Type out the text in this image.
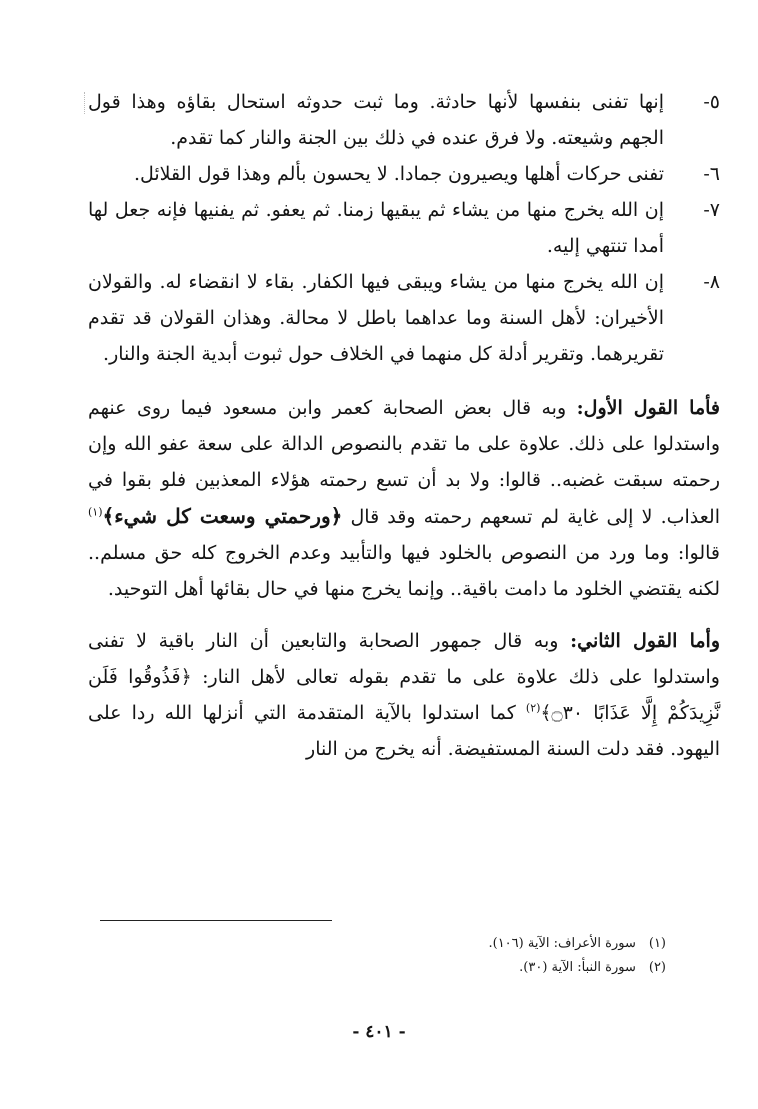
٥-
إنها تفنى بنفسها لأنها حادثة. وما ثبت حدوثه استحال بقاؤه وهذا قول الجهم وشيعته. ولا فرق عنده في ذلك بين الجنة والنار كما تقدم.
٦-
تفنى حركات أهلها ويصيرون جمادا. لا يحسون بألم وهذا قول القلائل.
٧-
إن الله يخرج منها من يشاء ثم يبقيها زمنا. ثم يعفو. ثم يفنيها فإنه جعل لها أمدا تنتهي إليه.
٨-
إن الله يخرج منها من يشاء ويبقى فيها الكفار. بقاء لا انقضاء له. والقولان الأخيران: لأهل السنة وما عداهما باطل لا محالة. وهذان القولان قد تقدم تقريرهما. وتقرير أدلة كل منهما في الخلاف حول ثبوت أبدية الجنة والنار.
فأما القول الأول: وبه قال بعض الصحابة كعمر وابن مسعود فيما روى عنهم واستدلوا على ذلك. علاوة على ما تقدم بالنصوص الدالة على سعة عفو الله وإن رحمته سبقت غضبه.. قالوا: ولا بد أن تسع رحمته هؤلاء المعذبين فلو بقوا في العذاب. لا إلى غاية لم تسعهم رحمته وقد قال ﴿ورحمتي وسعت كل شيء﴾$^{(١)}$ قالوا: وما ورد من النصوص بالخلود فيها والتأبيد وعدم الخروج كله حق مسلم.. لكنه يقتضي الخلود ما دامت باقية.. وإنما يخرج منها في حال بقائها أهل التوحيد.
وأما القول الثاني: وبه قال جمهور الصحابة والتابعين أن النار باقية لا تفنى واستدلوا على ذلك علاوة على ما تقدم بقوله تعالى لأهل النار: ﴿فَذُوقُوا فَلَن نَّزِيدَكُمْ إِلَّا عَذَابًا ۝٣٠﴾$^{(٢)}$ كما استدلوا بالآية المتقدمة التي أنزلها الله ردا على اليهود. فقد دلت السنة المستفيضة. أنه يخرج من النار
(١) سورة الأعراف: الآية (١٠٦).
(٢) سورة النبأ: الآية (٣٠).
- ٤٠١ -
